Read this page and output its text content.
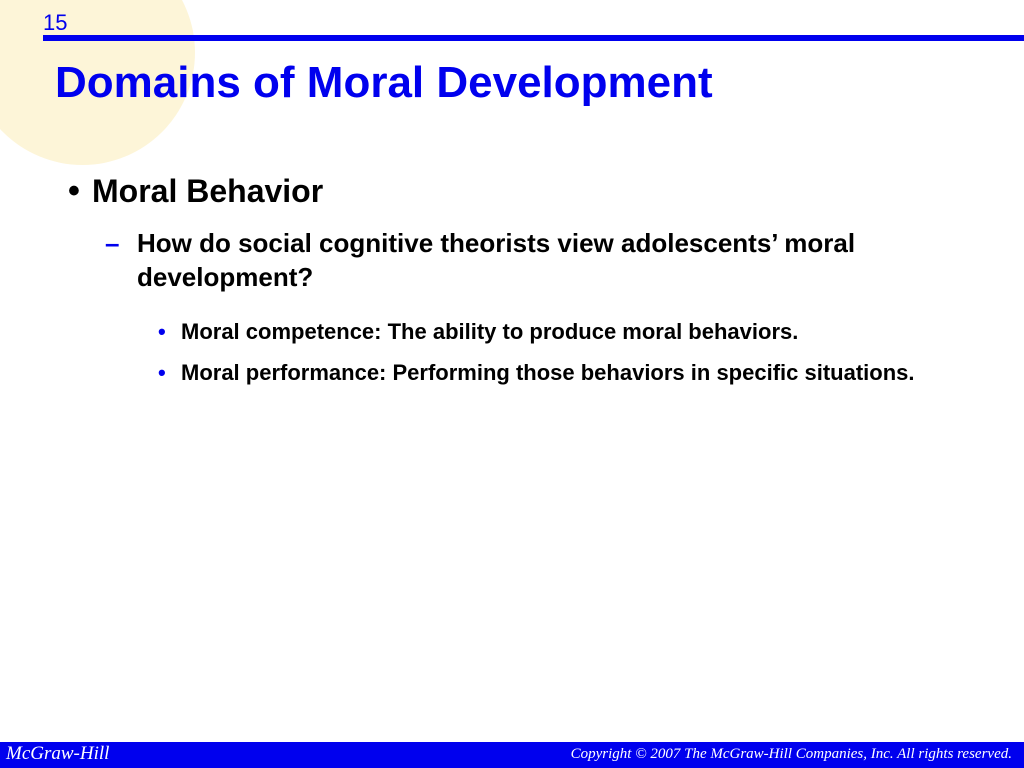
15
Domains of Moral Development
• Moral Behavior
– How do social cognitive theorists view adolescents’ moral development?
• Moral competence: The ability to produce moral behaviors.
• Moral performance: Performing those behaviors in specific situations.
McGraw-Hill	Copyright © 2007 The McGraw-Hill Companies, Inc. All rights reserved.
